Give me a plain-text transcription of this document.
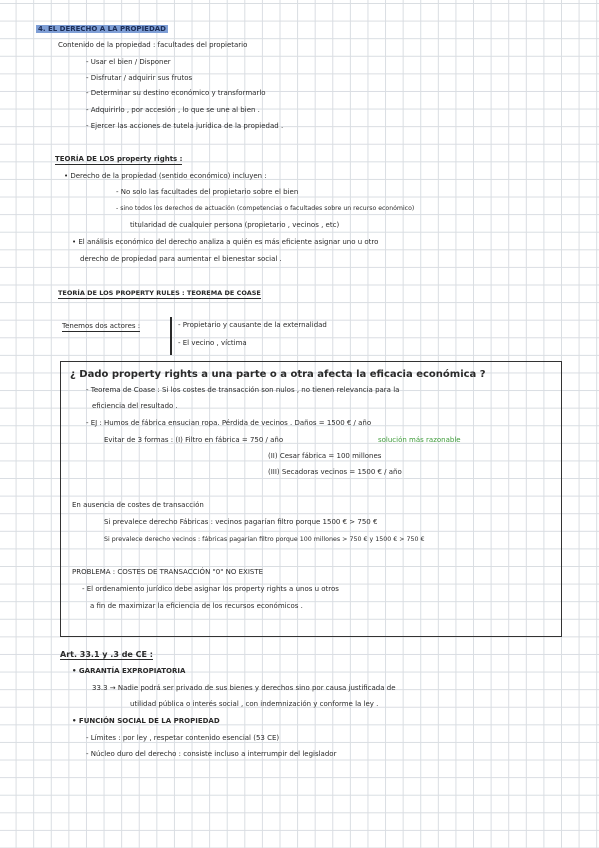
4. EL DERECHO A LA PROPIEDAD
Contenido de la propiedad : facultades del propietario
- Usar el bien / Disponer
- Disfrutar / adquirir sus frutos
- Determinar su destino económico y transformarlo
- Adquirirlo , por accesión , lo que se une al bien .
- Ejercer las acciones de tutela jurídica de la propiedad .
TEORÍA DE LOS property rights :
• Derecho de la propiedad (sentido económico) incluyen :
- No solo las facultades del propietario sobre el bien
- sino todos los derechos de actuación (competencias o facultades sobre un recurso económico)
titularidad de cualquier persona (propietario , vecinos , etc)
• El análisis económico del derecho analiza a quién es más eficiente asignar uno u otro
derecho de propiedad para aumentar el bienestar social .
TEORÍA DE LOS PROPERTY RULES : TEOREMA DE COASE
Tenemos dos actores :	- Propietario y causante de la externalidad
- El vecino , víctima
¿ Dado property rights a una parte o a otra afecta la eficacia económica ?
- Teorema de Coase : Si los costes de transacción son nulos , no tienen relevancia para la
eficiencia del resultado .
- EJ : Humos de fábrica ensucian ropa. Pérdida de vecinos . Daños = 1500 € / año
Evitar de 3 formas : (I) Filtro en fábrica = 750 / año	solución más razonable
(II) Cesar fábrica = 100 millones
(III) Secadoras vecinos = 1500 € / año
En ausencia de costes de transacción
Si prevalece derecho Fábricas : vecinos pagarían filtro porque 1500 € > 750 €
Si prevalece derecho vecinos : fábricas pagarían filtro porque 100 millones > 750 € y 1500 € > 750 €
PROBLEMA : COSTES DE TRANSACCIÓN "0" NO EXISTE
- El ordenamiento jurídico debe asignar los property rights a unos u otros
a fin de maximizar la eficiencia de los recursos económicos .
Art. 33.1 y .3 de CE :
• GARANTÍA EXPROPIATORIA
33.3 → Nadie podrá ser privado de sus bienes y derechos sino por causa justificada de
utilidad pública o interés social , con indemnización y conforme la ley .
• FUNCIÓN SOCIAL DE LA PROPIEDAD
- Límites : por ley , respetar contenido esencial (53 CE)
- Núcleo duro del derecho : consiste incluso a interrumpir del legislador
